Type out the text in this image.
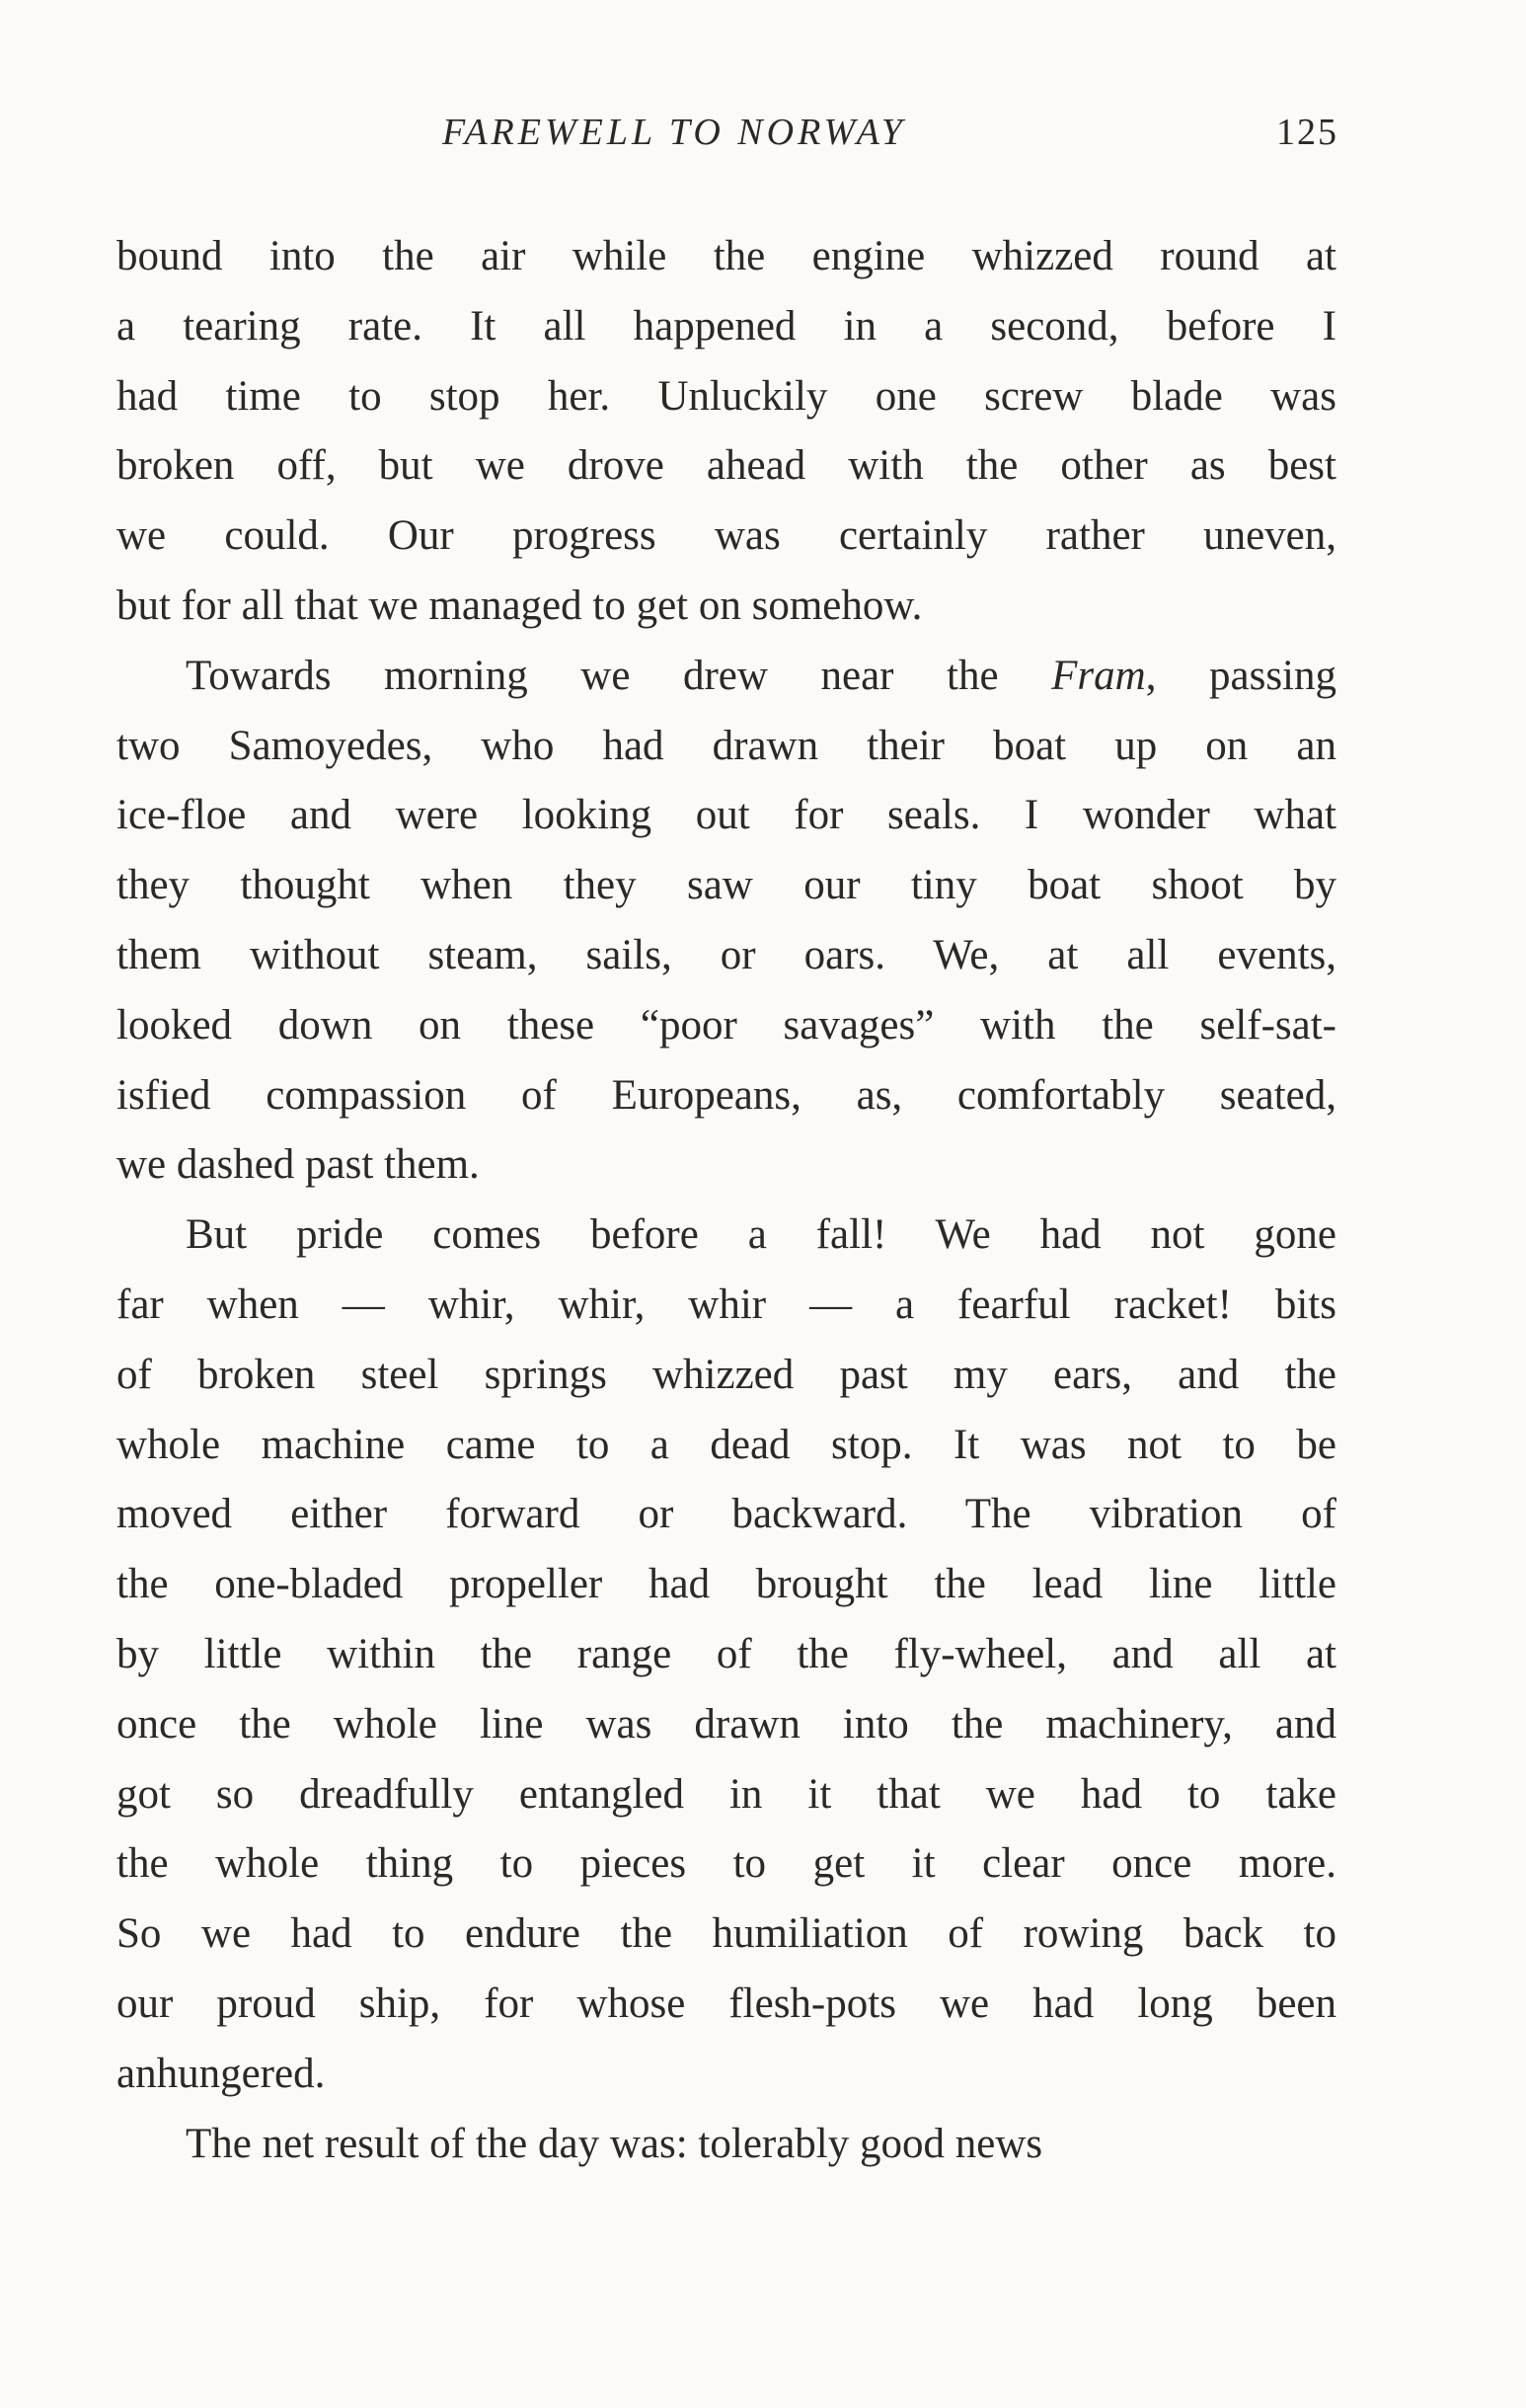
FAREWELL TO NORWAY	125
bound into the air while the engine whizzed round at
a tearing rate. It all happened in a second, before I
had time to stop her. Unluckily one screw blade was
broken off, but we drove ahead with the other as best
we could. Our progress was certainly rather uneven,
but for all that we managed to get on somehow.
Towards morning we drew near the Fram, passing
two Samoyedes, who had drawn their boat up on an
ice-floe and were looking out for seals. I wonder what
they thought when they saw our tiny boat shoot by
them without steam, sails, or oars. We, at all events,
looked down on these “poor savages” with the self-sat-
isfied compassion of Europeans, as, comfortably seated,
we dashed past them.
But pride comes before a fall! We had not gone
far when — whir, whir, whir — a fearful racket! bits
of broken steel springs whizzed past my ears, and the
whole machine came to a dead stop. It was not to be
moved either forward or backward. The vibration of
the one-bladed propeller had brought the lead line little
by little within the range of the fly-wheel, and all at
once the whole line was drawn into the machinery, and
got so dreadfully entangled in it that we had to take
the whole thing to pieces to get it clear once more.
So we had to endure the humiliation of rowing back to
our proud ship, for whose flesh-pots we had long been
anhungered.
The net result of the day was: tolerably good news
